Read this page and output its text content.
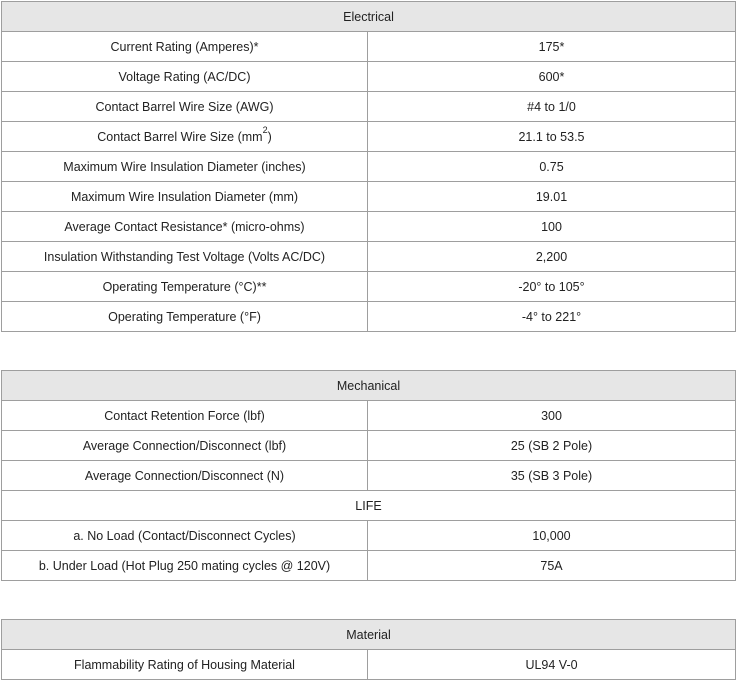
Electrical	
Current Rating (Amperes)*	175*
Voltage Rating (AC/DC)	600*
Contact Barrel Wire Size (AWG)	#4 to 1/0
Contact Barrel Wire Size $(mm^2)$	21.1 to 53.5
Maximum Wire Insulation Diameter (inches)	0.75
Maximum Wire Insulation Diameter (mm)	19.01
Average Contact Resistance* (micro-ohms)	100
Insulation Withstanding Test Voltage (Volts AC/DC)	2,200
Operating Temperature (°C)**	-20° to 105°
Operating Temperature (°F)	-4° to 221°
Mechanical	
Contact Retention Force (lbf)	300
Average Connection/Disconnect (lbf)	25 (SB 2 Pole)
Average Connection/Disconnect (N)	35 (SB 3 Pole)
LIFE	
a. No Load (Contact/Disconnect Cycles)	10,000
b. Under Load (Hot Plug 250 mating cycles @ 120V)	75A
Material
Flammability Rating of Housing Material	UL94 V-0
